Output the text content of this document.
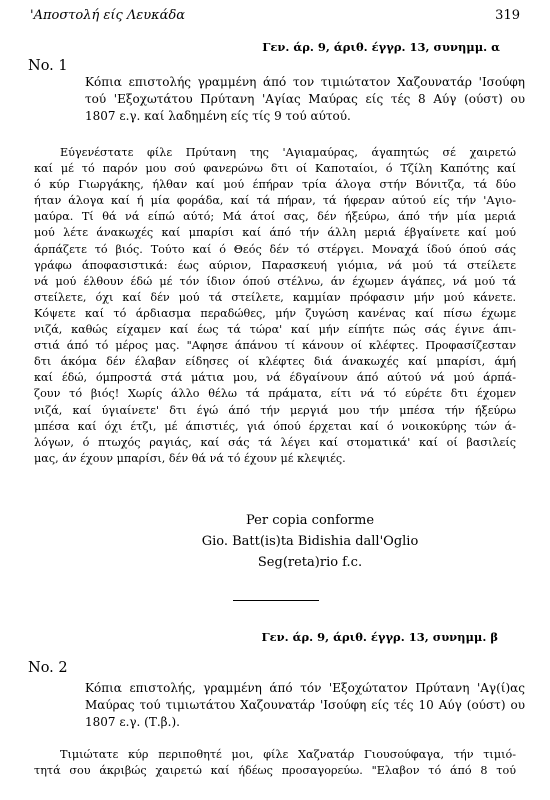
'Αποστολή είς Λευκάδα	319
Γεν. άρ. 9, άριθ. έγγρ. 13, συνημμ. α
No. 1
Κόπια επιστολής γραμμένη άπό τον τιμιώτατον Χαζουνατάρ 'Ισούφη
τού 'Εξοχωτάτου Πρύτανη 'Αγίας Μαύρας είς τές 8 Αύγ (ούστ) ου
1807 ε.γ. καί λαδημένη είς τίς 9 τού αύτού.
Εύγενέστατε φίλε Πρύτανη της 'Αγιαμαύρας, άγαπητώς σέ χαιρετώ
καί μέ τό παρόν μου σού φανερώνω δτι οί Καποταίοι, ό Τζίλη Καπότης καί
ό κύρ Γιωργάκης, ήλθαν καί μού έπήραν τρία άλογα στήν Βόνιτζα, τά δύο
ήταν άλογα καί ή μία φοράδα, καί τά πήραν, τά ήφεραν αύτού είς τήν 'Αγιο-
μαύρα. Τί θά νά είπώ αύτό; Μά άτοί σας, δέν ήξεύρω, άπό τήν μία μεριά
μού λέτε άνακωχές καί μπαρίσι καί άπό τήν άλλη μεριά έβγαίνετε καί μού
άρπάζετε τό βιός. Τούτο καί ό Θεός δέν τό στέργει. Μοναχά ίδού όπού σάς
γράφω άποφασιστικά: έως αύριον, Παρασκευή γιόμια, νά μού τά στείλετε
νά μού έλθουν έδώ μέ τόν ίδιον όπού στέλνω, άν έχωμεν άγάπες, νά μού τά
στείλετε, όχι καί δέν μού τά στείλετε, καμμίαν πρόφασιν μήν μού κάνετε.
Κόψετε καί τό άρδιασμα περαδώθες, μήν ζυγώση κανένας καί πίσω έχωμε
νιζά, καθώς είχαμεν καί έως τά τώρα' καί μήν είπήτε πώς σάς έγινε άπι-
στιά άπό τό μέρος μας. "Αφησε άπάνου τί κάνουν οί κλέφτες. Προφασίζεσταν
δτι άκόμα δέν έλαβαν είδησες οί κλέφτες διά άνακωχές καί μπαρίσι, άμή
καί έδώ, όμπροστά στά μάτια μου, νά έδγαίνουν άπό αύτού νά μού άρπά-
ζουν τό βιός! Χωρίς άλλο θέλω τά πράματα, είτι νά τό εύρέτε δτι έχομεν
νιζά, καί ύγιαίνετε' δτι έγώ άπό τήν μεργιά μου τήν μπέσα τήν ήξεύρω
μπέσα καί όχι έτζι, μέ άπιστιές, γιά όπού έρχεται καί ό νοικοκύρης τών ά-
λόγων, ό πτωχός ραγιάς, καί σάς τά λέγει καί στοματικά' καί οί βασιλείς
μας, άν έχουν μπαρίσι, δέν θά νά τό έχουν μέ κλεψιές.
Per copia conforme
Gio. Batt(is)ta Bidishia dall'Oglio
Seg(reta)rio f.c.
Γεν. άρ. 9, άριθ. έγγρ. 13, συνημμ. β
No. 2
Κόπια επιστολής, γραμμένη άπό τόν 'Εξοχώτατον Πρύτανη 'Αγ(ί)ας
Μαύρας τού τιμιωτάτου Χαζουνατάρ 'Ισούφη είς τές 10 Αύγ (ούστ) ου
1807 ε.γ. (Τ.β.).
Τιμιώτατε κύρ περιποθητέ μοι, φίλε Χαζνατάρ Γιουσούφαγα, τήν τιμιό-
τητά σου άκριβώς χαιρετώ καί ήδέως προσαγορεύω. "Ελαβον τό άπό 8 τού
